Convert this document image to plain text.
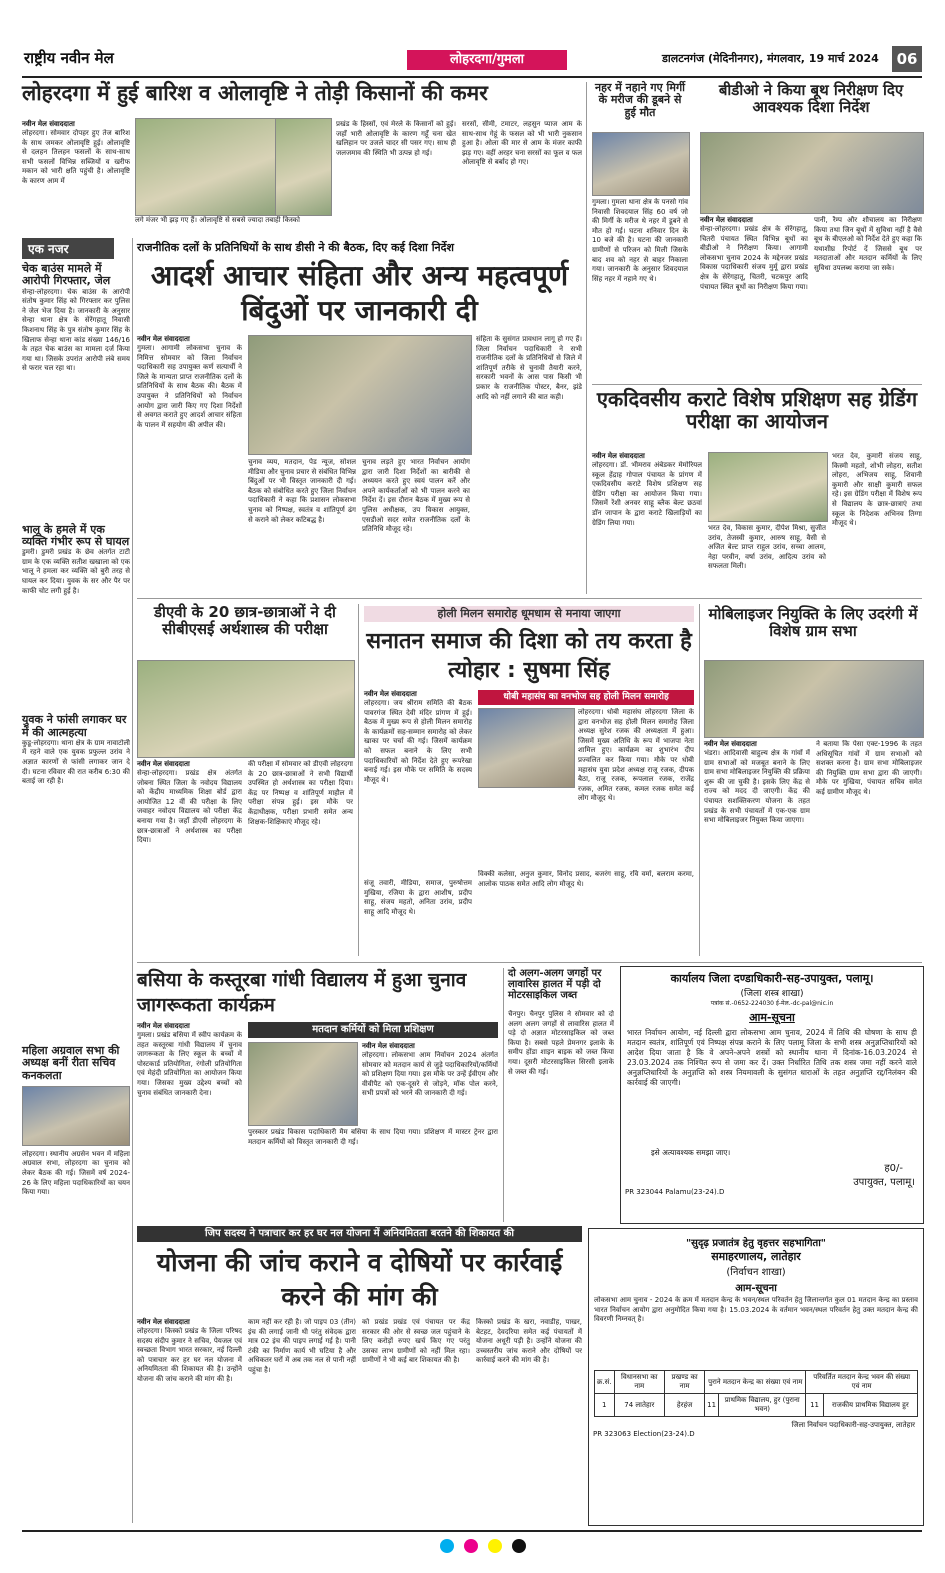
राष्ट्रीय नवीन मेल	लोहरदगा/गुमला	डालटनगंज (मेदिनीनगर), मंगलवार, 19 मार्च 2024	06
लोहरदगा में हुई बारिश व ओलावृष्टि ने तोड़ी किसानों की कमर
नवीन मेल संवाददाता
लोहरदगा। सोमवार दोपहर हुए तेज बारिश के साथ जमकर ओलावृष्टि हुई। ओलावृष्टि से दलहन तिलहन फसलों के साथ-साथ सभी फसलों विभिन्न सब्जियों व खरीफ मकान को भारी क्षति पहुंची है। ओलावृष्टि के कारण आम में
लगे मंजर भी झड़ गए हैं। ओलावृष्टि से सबसे ज्यादा तबाही किस्को
प्रखंड के हिस्सों, एवं मेरले के किसानों को हुई। जहाँ भारी ओलावृष्टि के कारण गहूँ चना खेत खलिहान पर उजले चादर सी पसर गए। साथ ही जलजमाव की स्थिति भी उत्पन्न हो गई।
सरसों, सीमी, टमाटर, लहसुन प्याज आम के साथ-साथ गेहूं के फसल को भी भारी नुकसान हुआ है। ओला की मार से आम के मंजर काफी झड़ गए। वहीं अरहर चना सरसों का फूल व फल ओलावृष्टि से बर्बाद हो गए।
एक नजर
चेक बाउंस मामले में आरोपी गिरफ्तार, जेल
सेन्हा-लोहरदगा। चेक बाउंस के आरोपी संतोष कुमार सिंह को गिरफ्तार कर पुलिस ने जेल भेज दिया है। जानकारी के अनुसार सेन्हा थाना क्षेत्र के सेरेंगहातू निवासी किशनाथ सिंह के पुत्र संतोष कुमार सिंह के खिलाफ सेन्हा थाना कांड संख्या 146/16 के तहत चेक बाउंस का मामला दर्ज किया गया था। जिसके उपरांत आरोपी लंबे समय से फरार चल रहा था।
भालू के हमले में एक व्यक्ति गंभीर रूप से घायल
डुमरी। डुमरी प्रखंड के छेव अंतर्गत टाटी ग्राम के एक व्यक्ति सतीश खखाला को एक भालू ने हमला कर व्यक्ति को बुरी तरह से घायल कर दिया। युवक के सर और पैर पर काफी चोट लगी हुई है।
युवक ने फांसी लगाकर घर में की आत्महत्या
कुडू-लोहरदगा। थाना क्षेत्र के ग्राम नावाटोली में रहने वाले एक युवक प्रफुल्ल उरांव ने अज्ञात कारणों से फांसी लगाकर जान दे दी। घटना रविवार की रात करीब 6:30 की बताई जा रही है।
महिला अग्रवाल सभा की अध्यक्ष बनीं रीता सचिव कनकलता
लोहरदगा। स्थानीय अग्रसेन भवन में महिला अग्रवाल सभा, लोहरदगा का चुनाव को लेकर बैठक की गई। जिसमें वर्ष 2024-26 के लिए महिला पदाधिकारियों का चयन किया गया।
राजनीतिक दलों के प्रतिनिधियों के साथ डीसी ने की बैठक, दिए कई दिशा निर्देश
आदर्श आचार संहिता और अन्य महत्वपूर्ण बिंदुओं पर जानकारी दी
नवीन मेल संवाददाता
गुमला। आगामी लोकसभा चुनाव के निमित्त सोमवार को जिला निर्वाचन पदाधिकारी सह उपायुक्त कर्ण सत्यार्थी ने जिले के मान्यता प्राप्त राजनीतिक दलों के प्रतिनिधियों के साथ बैठक की। बैठक में उपायुक्त ने प्रतिनिधियों को निर्वाचन आयोग द्वारा जारी किए गए दिशा निर्देशों से अवगत कराते हुए आदर्श आचार संहिता के पालन में सहयोग की अपील की।
चुनाव व्यय, मतदान, पेड न्यूज, सोशल मीडिया और चुनाव प्रचार से संबंधित विभिन्न बिंदुओं पर भी विस्तृत जानकारी दी गई। बैठक को संबोधित करते हुए जिला निर्वाचन पदाधिकारी ने कहा कि प्रशासन लोकसभा चुनाव को निष्पक्ष, स्वतंत्र व शांतिपूर्ण ढंग से कराने को लेकर कटिबद्ध है।
चुनाव लड़ते हुए भारत निर्वाचन आयोग द्वारा जारी दिशा निर्देशों का बारीकी से अध्ययन करते हुए स्वयं पालन करें और अपने कार्यकर्ताओं को भी पालन करने का निर्देश दें। इस दौरान बैठक में मुख्य रूप से पुलिस अधीक्षक, उप विकास आयुक्त, एसडीओ सदर समेत राजनीतिक दलों के प्रतिनिधि मौजूद रहे।
संहिता के सुसंगत प्रावधान लागू हो गए हैं। जिला निर्वाचन पदाधिकारी ने सभी राजनीतिक दलों के प्रतिनिधियों से जिले में शांतिपूर्ण तरीके से चुनावी तैयारी करने, सरकारी भवनों के आस पास किसी भी प्रकार के राजनीतिक पोस्टर, बैनर, झंडे आदि को नहीं लगाने की बात कही।
नहर में नहाने गए मिर्गी के मरीज की डूबने से हुई मौत
गुमला। गुमला थाना क्षेत्र के पनसो गांव निवासी शिवदयाल सिंह 60 वर्ष जो की मिर्गी के मरीज थे नहर में डूबने से मौत हो गई। घटना शनिवार दिन के 10 बजे की है। घटना की जानकारी ग्रामीणों से परिजन को मिली जिसके बाद शव को नहर से बाहर निकाला गया। जानकारी के अनुसार शिवदयाल सिंह नहर में नहाने गए थे।
बीडीओ ने किया बूथ निरीक्षण दिए आवश्यक दिशा निर्देश
नवीन मेल संवाददाता
सेन्हा-लोहरदगा। प्रखंड क्षेत्र के सेरेंगहातू, चितरी पंचायत स्थित विभिन्न बूथों का बीडीओ ने निरीक्षण किया। आगामी लोकसभा चुनाव 2024 के मद्देनजर प्रखंड विकास पदाधिकारी संजय मुर्मू द्वारा प्रखंड क्षेत्र के सेरेंगहातू, चितरी, चटकपुर आदि पंचायत स्थित बूथों का निरीक्षण किया गया।
पानी, रैम्प और शौचालय का निरीक्षण किया तथा जिन बूथों में सुविधा नहीं है वैसे बूथ के बीएलओ को निर्देश देते हुए कहा कि यथाशीघ्र रिपोर्ट दें जिससे बूथ पर मतदाताओं और मतदान कर्मियों के लिए सुविधा उपलब्ध कराया जा सके।
एकदिवसीय कराटे विशेष प्रशिक्षण सह ग्रेडिंग परीक्षा का आयोजन
नवीन मेल संवाददाता
लोहरदगा। डॉ. भीमराव अंबेडकर मेमोरियल स्कूल हेंद्राह गोपाल पंचायत के प्रांगण में एकदिवसीय कराटे विशेष प्रशिक्षण सह ग्रेडिंग परीक्षा का आयोजन किया गया। जिसमें रेंशी अनवर साहू ब्लैक बेल्ट छठवां डॉन जापान के द्वारा कराटे खिलाड़ियों का ग्रेडिंग लिया गया।
भरत देव, विकास कुमार, दीपेश मिश्रा, सुजीत उरांव, तेजस्वी कुमार, आरुष साहू, वैसी से अजित बेल्ट प्राप्त राहुल उरांव, सच्चा आलम, नेहा परवीन, वर्षा उरांव, आदित्य उरांव को सफलता मिली।
भरत देव, कुमारी संजय साहू, किस्मी महतो, शोभी लोहरा, सतीश लोहरा, अभिजय साहू, शिवानी कुमारी और साक्षी कुमारी सफल रहे। इस ग्रेडिंग परीक्षा में विशेष रूप से विद्यालय के छात्र-छात्राएं तथा स्कूल के निदेशक अभिनव तिग्गा मौजूद थे।
डीएवी के 20 छात्र-छात्राओं ने दी सीबीएसई अर्थशास्त्र की परीक्षा
नवीन मेल संवाददाता
सेन्हा-लोहरदगा। प्रखंड क्षेत्र अंतर्गत जोबना स्थित जिला के नवोदय विद्यालय को केंद्रीय माध्यमिक शिक्षा बोर्ड द्वारा आयोजित 12 वीं की परीक्षा के लिए जवाहर नवोदय विद्यालय को परीक्षा केंद्र बनाया गया है। जहाँ डीएवी लोहरदगा के छात्र-छात्राओं ने अर्थशास्त्र का परीक्षा दिया।
की परीक्षा में सोमवार को डीएवी लोहरदगा के 20 छात्र-छात्राओं ने सभी विद्यार्थी उपस्थित हो अर्थशास्त्र का परीक्षा दिया। केंद्र पर निष्पक्ष व शांतिपूर्ण माहौल में परीक्षा संपन्न हुई। इस मौके पर केंद्राधीक्षक, परीक्षा प्रभारी समेत अन्य शिक्षक-शिक्षिकाएं मौजूद रहे।
होली मिलन समारोह धूमधाम से मनाया जाएगा
सनातन समाज की दिशा को तय करता है त्योहार : सुषमा सिंह
नवीन मेल संवाददाता
लोहरदगा। जय श्रीराम समिति की बैठक पावरगंज स्थित देवी मंदिर प्रांगण में हुई। बैठक में मुख्य रूप से होली मिलन समारोह के कार्यक्रमों सह-सम्मान समारोह को लेकर खाका पर चर्चा की गई। जिसमें कार्यक्रम को सफल बनाने के लिए सभी पदाधिकारियों को निर्देश देते हुए रूपरेखा बनाई गई। इस मौके पर समिति के सदस्य मौजूद थे।
संजू तवारी, मीडिया, समाज, पुरुषोत्तम मुखिया, रजिया के द्वारा आशीष, प्रदीप साहू, संजय महतो, अनिता उरांव, प्रदीप साहू आदि मौजूद थे।
धोबी महासंघ का वनभोज सह होली मिलन समारोह
लोहरदगा। धोबी महासंघ लोहरदगा जिला के द्वारा वनभोज सह होली मिलन समारोह जिला अध्यक्ष सुरेश रजक की अध्यक्षता में हुआ। जिसमें मुख्य अतिथि के रूप में भाजपा नेता शामिल हुए। कार्यक्रम का शुभारंभ दीप प्रज्वलित कर किया गया। मौके पर धोबी महासंघ युवा प्रदेश अध्यक्ष राजू रजक, दीपक बैठा, राजू रजक, रूपलाल रजक, राजेंद्र रजक, अमित रजक, कमल रजक समेत कई लोग मौजूद थे।
विक्की कलेसा, अनुज कुमार, विनोद प्रसाद, बजरंग साहू, रवि वर्मा, बलराम करमा, आलोक पाठक समेत आदि लोग मौजूद थे।
मोबिलाइजर नियुक्ति के लिए उदरंगी में विशेष ग्राम सभा
नवीन मेल संवाददाता
भंडरा। आदिवासी बाहुल्य क्षेत्र के गांवों में ग्राम सभाओं को मजबूत बनाने के लिए ग्राम सभा मोबिलाइजर नियुक्ति की प्रक्रिया शुरू की जा चुकी है। इसके लिए केंद्र से राज्य को मदद दी जाएगी। केंद्र की पंचायत सशक्तिकरण योजना के तहत प्रखंड के सभी पंचायतों में एक-एक ग्राम सभा मोबिलाइजर नियुक्त किया जाएगा।
ने बताया कि पेसा एक्ट-1996 के तहत अधिसूचित गांवों में ग्राम सभाओं को सशक्त करना है। ग्राम सभा मोबिलाइजर की नियुक्ति ग्राम सभा द्वारा की जाएगी। मौके पर मुखिया, पंचायत सचिव समेत कई ग्रामीण मौजूद थे।
बसिया के कस्तूरबा गांधी विद्यालय में हुआ चुनाव जागरूकता कार्यक्रम
नवीन मेल संवाददाता
गुमला। प्रखंड बसिया में स्वीप कार्यक्रम के तहत कस्तूरबा गांधी विद्यालय में चुनाव जागरूकता के लिए स्कूल के बच्चों में पोस्टकार्ड प्रतियोगिता, रंगोली प्रतियोगिता एवं मेहंदी प्रतियोगिता का आयोजन किया गया। जिसका मुख्य उद्देश्य बच्चों को चुनाव संबंधित जानकारी देना।
मतदान कर्मियों को मिला प्रशिक्षण
नवीन मेल संवाददाता
लोहरदगा। लोकसभा आम निर्वाचन 2024 अंतर्गत सोमवार को मतदान कार्य से जुड़े पदाधिकारियों/कर्मियों को प्रशिक्षण दिया गया। इस मौके पर उन्हें ईवीएम और वीवीपैट को एक-दूसरे से जोड़ने, मॉक पोल करने, सभी प्रपत्रों को भरने की जानकारी दी गई।
पुरस्कार प्रखंड विकास पदाधिकारी मैम बसिया के साथ दिया गया। प्रशिक्षण में मास्टर ट्रेनर द्वारा मतदान कर्मियों को विस्तृत जानकारी दी गई।
दो अलग-अलग जगहों पर लावारिस हालत में पड़ी दो मोटरसाइकिल जब्त
चैनपुर। चैनपुर पुलिस ने सोमवार को दो अलग अलग जगहों से लावारिस हालत में पड़े दो अज्ञात मोटरसाइकिल को जब्त किया है। सबसे पहले प्रेमनगर इलाके के समीप होंडा शाइन बाइक को जब्त किया गया। दूसरी मोटरसाइकिल सिरसी इलाके से जब्त की गई।
कार्यालय जिला दण्डाधिकारी-सह-उपायुक्त, पलामू।
(जिला शस्त्र शाखा)
पत्रांक सं.-0652-224030 ई-मेल.-dc-pal@nic.in
आम-सूचना
भारत निर्वाचन आयोग, नई दिल्ली द्वारा लोकसभा आम चुनाव, 2024 में तिथि की घोषणा के साथ ही मतदान स्वतंत्र, शांतिपूर्ण एवं निष्पक्ष संपन्न कराने के लिए पलामू जिला के सभी शस्त्र अनुज्ञप्तिधारियों को आदेश दिया जाता है कि वे अपने-अपने शस्त्रों को स्थानीय थाना में दिनांक-16.03.2024 से 23.03.2024 तक निश्चित रूप से जमा कर दें। उक्त निर्धारित तिथि तक शस्त्र जमा नहीं करने वाले अनुज्ञप्तिधारियों के अनुज्ञप्ति को शस्त्र नियमावली के सुसंगत धाराओं के तहत अनुज्ञप्ति रद्द/निलंबन की कार्रवाई की जाएगी।
इसे अत्यावश्यक समझा जाए।
ह0/-
उपायुक्त, पलामू।
PR 323044 Palamu(23-24).D
जिप सदस्य ने पत्राचार कर हर घर नल योजना में अनियमितता बरतने की शिकायत की
योजना की जांच कराने व दोषियों पर कार्रवाई करने की मांग की
नवीन मेल संवाददाता
लोहरदगा। किस्को प्रखंड के जिला परिषद सदस्य संदीप कुमार ने सचिव, पेयजल एवं स्वच्छता विभाग भारत सरकार, नई दिल्ली को पत्राचार कर हर घर नल योजना में अनियमितता की शिकायत की है। उन्होंने योजना की जांच कराने की मांग की है।
काम नहीं कर रही है। जो पाइप 03 (तीन) इंच की लगाई जानी थी परंतु संवेदक द्वारा मात्र 02 इंच की पाइप लगाई गई है। पानी टंकी का निर्माण कार्य भी घटिया है और अधिकतर घरों में अब तक नल से पानी नहीं पहुंचा है।
को प्रखंड प्रखंड एवं पंचायत पर केंद्र सरकार की ओर से स्वच्छ जल पहुंचाने के लिए करोड़ों रुपए खर्च किए गए परंतु उसका लाभ ग्रामीणों को नहीं मिल रहा। ग्रामीणों ने भी कई बार शिकायत की है।
किस्को प्रखंड के खरा, नवाडीह, पाखर, बेटहट, देवदरिया समेत कई पंचायतों में योजना अधूरी पड़ी है। उन्होंने योजना की उच्चस्तरीय जांच कराने और दोषियों पर कार्रवाई करने की मांग की है।
"सुदृढ़ प्रजातंत्र हेतु वृहत्तर सहभागिता"
समाहरणालय, लातेहार
(निर्वाचन शाखा)
आम-सूचना
लोकसभा आम चुनाव - 2024 के क्रम में मतदान केन्द्र के भवन/स्थल परिवर्तन हेतु जिलान्तर्गत कुल 01 मतदान केन्द्र का प्रस्ताव भारत निर्वाचन आयोग द्वारा अनुमोदित किया गया है। 15.03.2024 के वर्तमान भवन/स्थल परिवर्तन हेतु उक्त मतदान केन्द्र की विवरणी निम्नवत् है।
क्र.सं.	विधानसभा का नाम	प्रखण्ड का नाम	पुराने मतदान केन्द्र का संख्या एवं नाम		परिवर्तित मतदान केन्द्र भवन की संख्या एवं नाम	
1	74 लातेहार	हेरहंज	11	प्राथमिक विद्यालय, हुर (पुराना भवन)	11	राजकीय प्राथमिक विद्यालय हुर
जिला निर्वाचन पदाधिकारी-सह-उपायुक्त, लातेहार
PR 323063 Election(23-24).D
